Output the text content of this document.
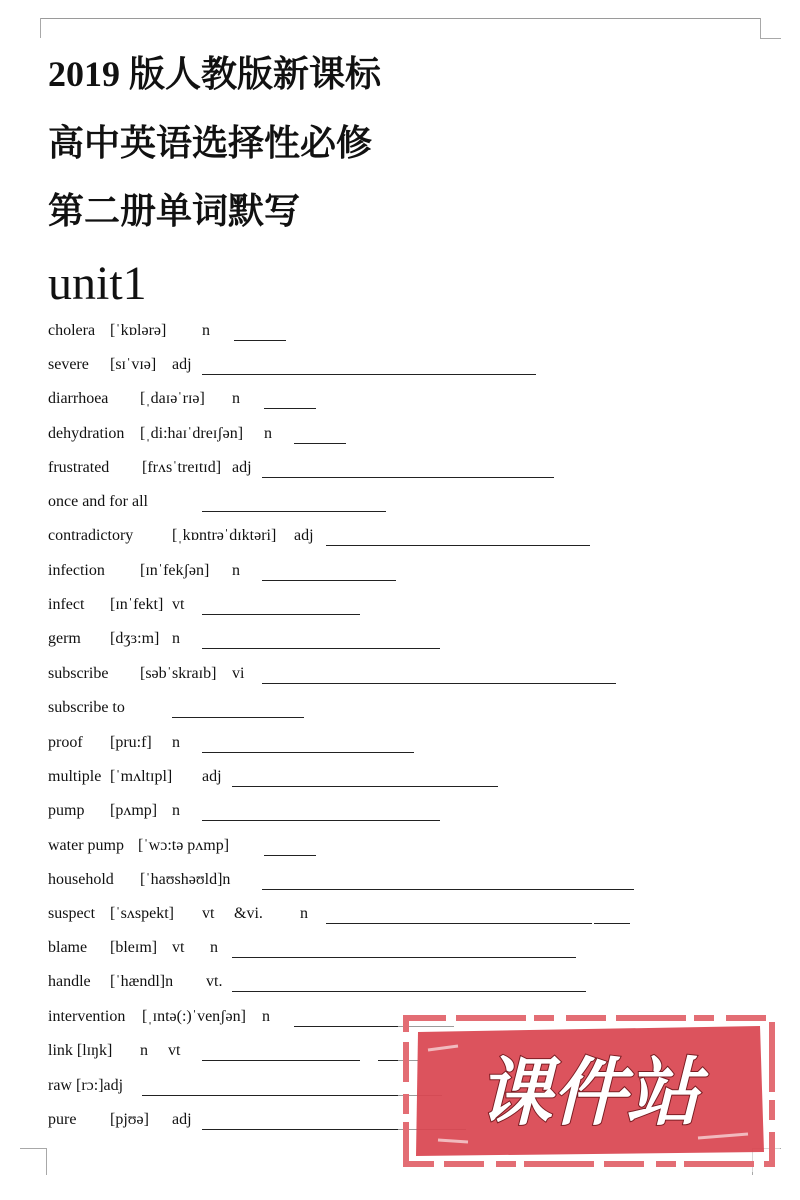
2019 版人教版新课标
高中英语选择性必修
第二册单词默写
unit1
cholera [ˈkɒlərə] n
severe [sɪˈvɪə] adj
diarrhoea [ˌdaɪəˈrɪə] n
dehydration [ˌdi:haɪˈdreɪʃən] n
frustrated [frʌsˈtreɪtɪd] adj
once and for all
contradictory [ˌkɒntrəˈdɪktəri] adj
infection [ɪnˈfekʃən] n
infect [ɪnˈfekt] vt
germ [dʒɜ:m] n
subscribe [səbˈskraɪb] vi
subscribe to
proof [pru:f] n
multiple [ˈmʌltɪpl] adj
pump [pʌmp] n
water pump [ˈwɔ:tə pʌmp]
household [ˈhaʊshəʊld]n
suspect [ˈsʌspekt] vt &vi. n
blame [bleɪm] vt n
handle [ˈhændl]n vt.
intervention [ˌɪntə(:)ˈvenʃən] n
link [lɪŋk] n vt
raw [rɔ:]adj
pure [pjʊə] adj	课件站
